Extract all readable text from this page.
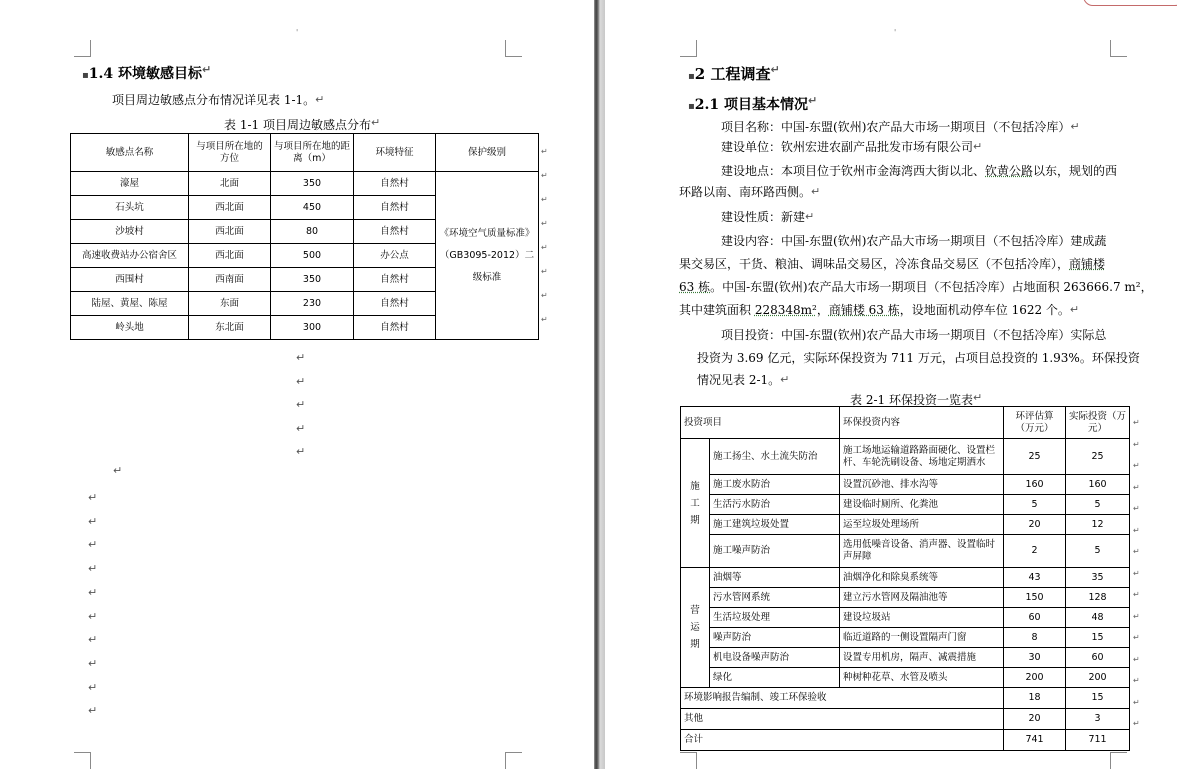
'
▪1.4 环境敏感目标 ↵
项目周边敏感点分布情况详见表 1-1。 ↵
表 1-1 项目周边敏感点分布 ↵
敏感点名称	与项目所在地的方位	与项目所在地的距离（m）	环境特征	保护级别
濠屋	北面	350	自然村	《环境空气质量标准》（GB3095-2012）二级标准
石头坑	西北面	450	自然村	
沙坡村	西北面	80	自然村	
高速收费站办公宿舍区	西北面	500	办公点	
西围村	西南面	350	自然村	
陆屋、黄屋、陈屋	东面	230	自然村	
岭头地	东北面	300	自然村	
↵
↵
↵
↵
↵
↵
↵
↵
↵
↵
↵
↵
↵
↵
↵
↵
↵
↵
↵
↵
↵
↵
↵
↵
'
▪2 工程调查 ↵
▪2.1 项目基本情况 ↵
项目名称：中国-东盟(钦州)农产品大市场一期项目（不包括冷库） ↵
建设单位：钦州宏进农副产品批发市场有限公司 ↵
建设地点：本项目位于钦州市金海湾西大街以北、钦黄公路以东，规划的西
环路以南、南环路西侧。 ↵
建设性质：新建 ↵
建设内容：中国-东盟(钦州)农产品大市场一期项目（不包括冷库）建成蔬
果交易区，干货、粮油、调味品交易区，冷冻食品交易区（不包括冷库），商铺楼
63 栋。中国-东盟(钦州)农产品大市场一期项目（不包括冷库）占地面积 263666.7 m²，
其中建筑面积 228348m²，商铺楼 63 栋，设地面机动停车位 1622 个。 ↵
项目投资：中国-东盟(钦州)农产品大市场一期项目（不包括冷库）实际总
投资为 3.69 亿元，实际环保投资为 711 万元，占项目总投资的 1.93%。环保投资
情况见表 2-1。 ↵
表 2-1 环保投资一览表 ↵
投资项目		环保投资内容	环评估算（万元）	实际投资（万元）
施工期	施工扬尘、水土流失防治	施工场地运输道路路面硬化、设置栏杆、车轮洗刷设备、场地定期洒水	25	25
	施工废水防治	设置沉砂池、排水沟等	160	160
	生活污水防治	建设临时厕所、化粪池	5	5
	施工建筑垃圾处置	运至垃圾处理场所	20	12
	施工噪声防治	选用低噪音设备、消声器、设置临时声屏障	2	5
营运期	油烟等	油烟净化和除臭系统等	43	35
	污水管网系统	建立污水管网及隔油池等	150	128
	生活垃圾处理	建设垃圾站	60	48
	噪声防治	临近道路的一侧设置隔声门窗	8	15
	机电设备噪声防治	设置专用机房，隔声、减震措施	30	60
	绿化	种树种花草、水管及喷头	200	200
环境影响报告编制、竣工环保验收			18	15
其他			20	3
合计			741	711
↵
↵
↵
↵
↵
↵
↵
↵
↵
↵
↵
↵
↵
↵
↵
